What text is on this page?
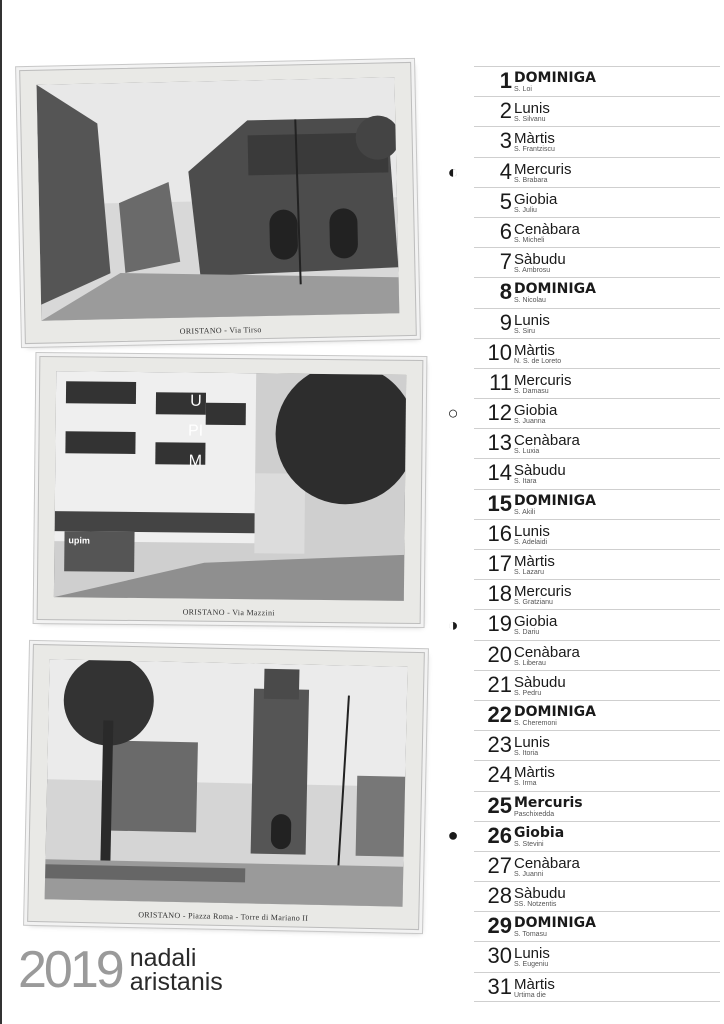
ORISTANO - Via Tirso
UPIM
upim
ORISTANO - Via Mazzini
ORISTANO - Piazza Roma - Torre di Mariano II
2019 nadali
aristanis
◐
○
◑
●
1 DOMINIGA
S. Loi
2 Lunis
S. Silvanu
3 Màrtis
S. Frantziscu
4 Mercuris
S. Brabara
5 Giobia
S. Juliu
6 Cenàbara
S. Micheli
7 Sàbudu
S. Ambrosu
8 DOMINIGA
S. Nicolau
9 Lunis
S. Siru
10 Màrtis
N. S. de Loreto
11 Mercuris
S. Damasu
12 Giobia
S. Juanna
13 Cenàbara
S. Luxia
14 Sàbudu
S. Itara
15 DOMINIGA
S. Akili
16 Lunis
S. Adelaidi
17 Màrtis
S. Lazaru
18 Mercuris
S. Gratzianu
19 Giobia
S. Dariu
20 Cenàbara
S. Liberau
21 Sàbudu
S. Pedru
22 DOMINIGA
S. Cheremoni
23 Lunis
S. Itoria
24 Màrtis
S. Irma
25 Mercuris
Paschixedda
26 Giobia
S. Stevini
27 Cenàbara
S. Juanni
28 Sàbudu
SS. Notzentis
29 DOMINIGA
S. Tomasu
30 Lunis
S. Eugeniu
31 Màrtis
Urtima die
